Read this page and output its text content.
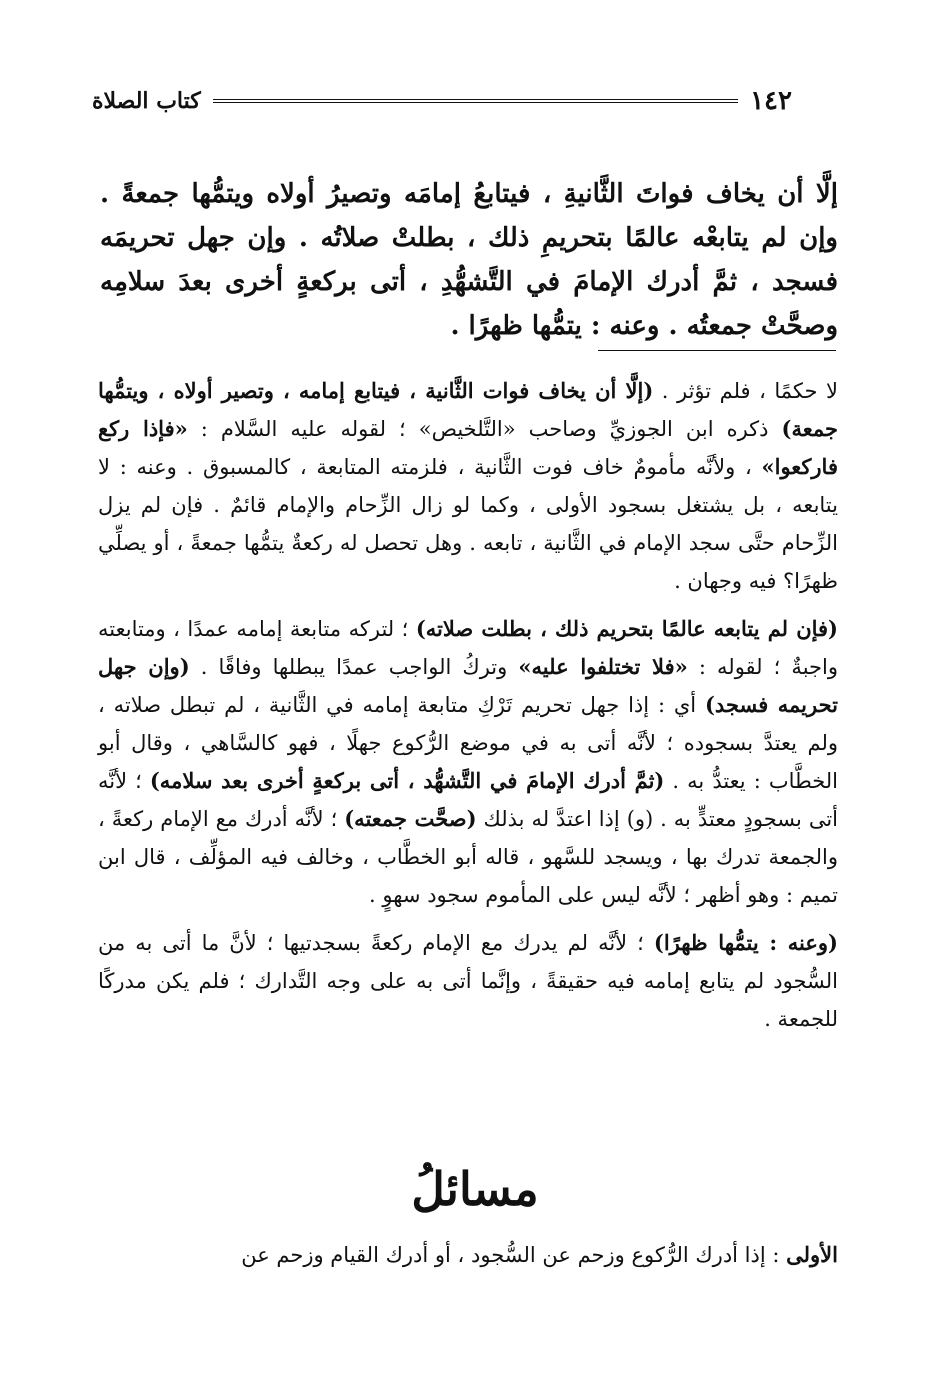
١٤٢
كتاب الصلاة
إلَّا أن يخاف فواتَ الثَّانيةِ ، فيتابعُ إمامَه وتصيرُ أولاه ويتمُّها جمعةً . وإن لم يتابعْه عالمًا بتحريمِ ذلك ، بطلتْ صلاتُه . وإن جهل تحريمَه فسجد ، ثمَّ أدرك الإمامَ في التَّشهُّدِ ، أتى بركعةٍ أخرى بعدَ سلامِه وصحَّتْ جمعتُه . وعنه : يتمُّها ظهرًا .

لا حكمًا ، فلم تؤثر . (إلَّا أن يخاف فوات الثَّانية ، فيتابع إمامه ، وتصير أولاه ، ويتمُّها جمعة) ذكره ابن الجوزيِّ وصاحب «التَّلخيص» ؛ لقوله عليه السَّلام : «فإذا ركع فاركعوا» ، ولأنَّه مأمومٌ خاف فوت الثَّانية ، فلزمته المتابعة ، كالمسبوق . وعنه : لا يتابعه ، بل يشتغل بسجود الأولى ، وكما لو زال الزِّحام والإمام قائمٌ . فإن لم يزل الزِّحام حتَّى سجد الإمام في الثَّانية ، تابعه . وهل تحصل له ركعةٌ يتمُّها جمعةً ، أو يصلِّي ظهرًا؟ فيه وجهان .

(فإن لم يتابعه عالمًا بتحريم ذلك ، بطلت صلاته) ؛ لتركه متابعة إمامه عمدًا ، ومتابعته واجبةٌ ؛ لقوله : «فلا تختلفوا عليه» وتركُ الواجب عمدًا يبطلها وفاقًا . (وإن جهل تحريمه فسجد) أي : إذا جهل تحريم تَرْكِ متابعة إمامه في الثَّانية ، لم تبطل صلاته ، ولم يعتدَّ بسجوده ؛ لأنَّه أتى به في موضع الرُّكوع جهلًا ، فهو كالسَّاهي ، وقال أبو الخطَّاب : يعتدُّ به . (ثمَّ أدرك الإمامَ في التَّشهُّد ، أتى بركعةٍ أخرى بعد سلامه) ؛ لأنَّه أتى بسجودٍ معتدٍّ به . (و) إذا اعتدَّ له بذلك (صحَّت جمعته) ؛ لأنَّه أدرك مع الإمام ركعةً ، والجمعة تدرك بها ، ويسجد للسَّهو ، قاله أبو الخطَّاب ، وخالف فيه المؤلِّف ، قال ابن تميم : وهو أظهر ؛ لأنَّه ليس على المأموم سجود سهوٍ .

(وعنه : يتمُّها ظهرًا) ؛ لأنَّه لم يدرك مع الإمام ركعةً بسجدتيها ؛ لأنَّ ما أتى به من السُّجود لم يتابع إمامه فيه حقيقةً ، وإنَّما أتى به على وجه التَّدارك ؛ فلم يكن مدركًا للجمعة .

مسائلُ
الأولى : إذا أدرك الرُّكوع وزحم عن السُّجود ، أو أدرك القيام وزحم عن
